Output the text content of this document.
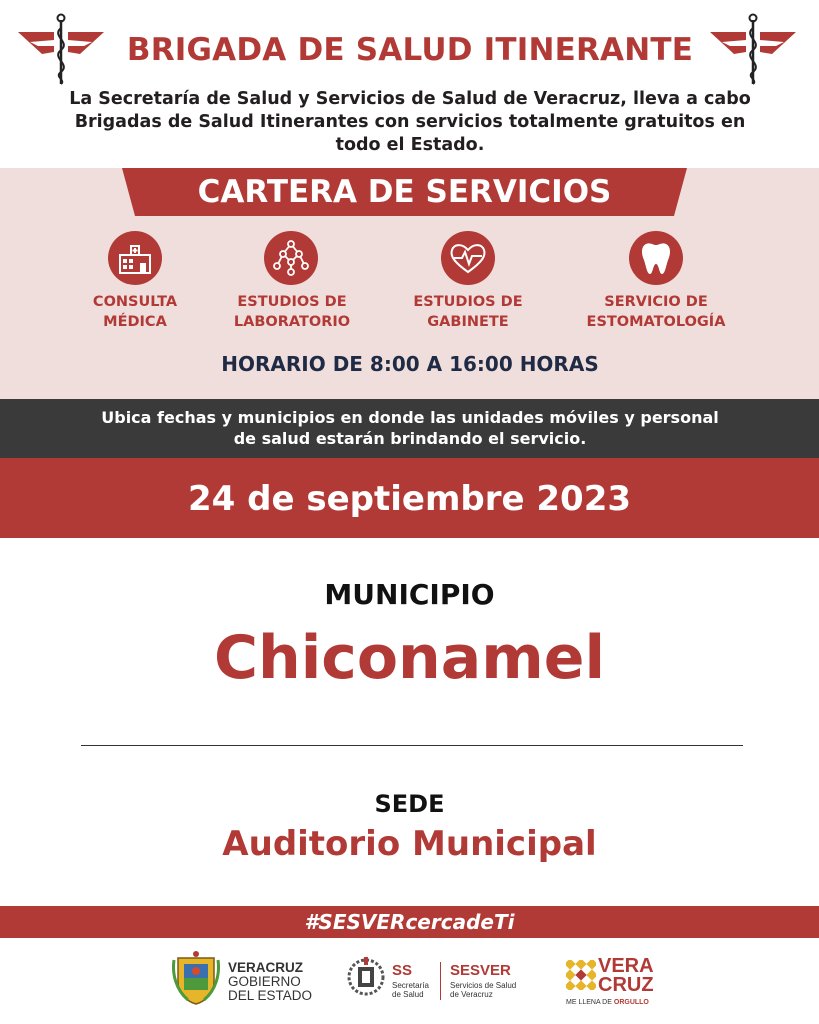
BRIGADA DE SALUD ITINERANTE
La Secretaría de Salud y Servicios de Salud de Veracruz, lleva a cabo Brigadas de Salud Itinerantes con servicios totalmente gratuitos en todo el Estado.
CARTERA DE SERVICIOS
CONSULTA
MÉDICA
ESTUDIOS DE
LABORATORIO
ESTUDIOS DE
GABINETE
SERVICIO DE
ESTOMATOLOGÍA
HORARIO DE 8:00 A 16:00 HORAS
Ubica fechas y municipios en donde las unidades móviles y personal
de salud estarán brindando el servicio.
24 de septiembre 2023
MUNICIPIO
Chiconamel
SEDE
Auditorio Municipal
#SESVERcercadeTi
VERACRUZ
GOBIERNO
DEL ESTADO
SS
Secretaría
de Salud
SESVER
Servicios de Salud
de Veracruz
VERA
CRUZ
ME LLENA DE ORGULLO
